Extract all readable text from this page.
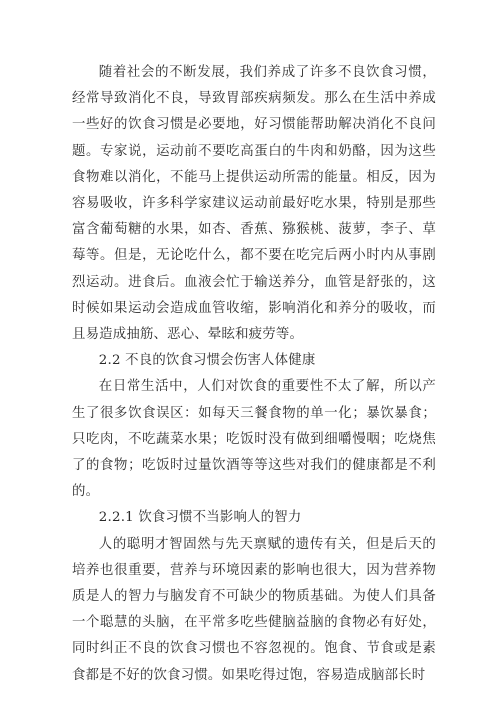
随着社会的不断发展，我们养成了许多不良饮食习惯，经常导致消化不良，导致胃部疾病频发。那么在生活中养成一些好的饮食习惯是必要地，好习惯能帮助解决消化不良问题。专家说，运动前不要吃高蛋白的牛肉和奶酪，因为这些食物难以消化，不能马上提供运动所需的能量。相反，因为容易吸收，许多科学家建议运动前最好吃水果，特别是那些富含葡萄糖的水果，如杏、香蕉、猕猴桃、菠萝，李子、草莓等。但是，无论吃什么，都不要在吃完后两小时内从事剧烈运动。进食后。血液会忙于输送养分，血管是舒张的，这时候如果运动会造成血管收缩，影响消化和养分的吸收，而且易造成抽筋、恶心、晕眩和疲劳等。

2.2 不良的饮食习惯会伤害人体健康

在日常生活中，人们对饮食的重要性不太了解，所以产生了很多饮食误区：如每天三餐食物的单一化；暴饮暴食；只吃肉，不吃蔬菜水果；吃饭时没有做到细嚼慢咽；吃烧焦了的食物；吃饭时过量饮酒等等这些对我们的健康都是不利的。

2.2.1 饮食习惯不当影响人的智力

人的聪明才智固然与先天禀赋的遗传有关，但是后天的培养也很重要，营养与环境因素的影响也很大，因为营养物质是人的智力与脑发育不可缺少的物质基础。为使人们具备一个聪慧的头脑，在平常多吃些健脑益脑的食物必有好处，同时纠正不良的饮食习惯也不容忽视的。饱食、节食或是素食都是不好的饮食习惯。如果吃得过饱，容易造成脑部长时
